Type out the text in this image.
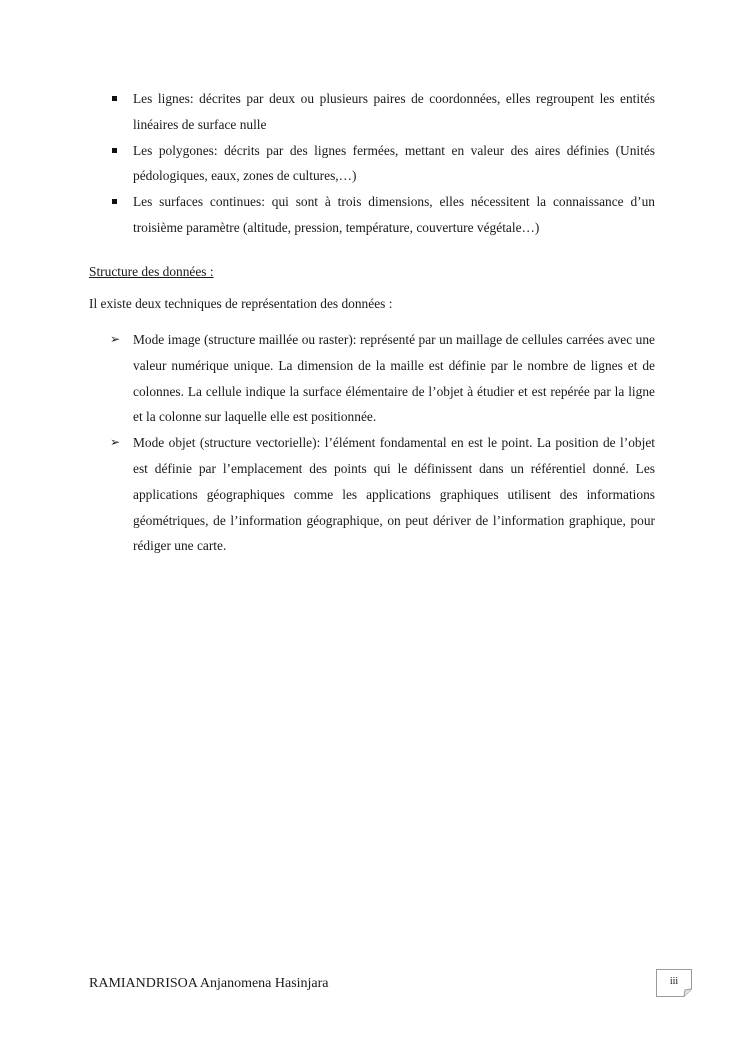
Les lignes: décrites par deux ou plusieurs paires de coordonnées, elles regroupent les entités linéaires de surface nulle
Les polygones: décrits par des lignes fermées, mettant en valeur des aires définies (Unités pédologiques, eaux, zones de cultures,…)
Les surfaces continues: qui sont à trois dimensions, elles nécessitent la connaissance d’un troisième paramètre (altitude, pression, température, couverture végétale…)

Structure des données :

Il existe deux techniques de représentation des données :

➢ Mode image (structure maillée ou raster): représenté par un maillage de cellules carrées avec une valeur numérique unique. La dimension de la maille est définie par le nombre de lignes et de colonnes. La cellule indique la surface élémentaire de l’objet à étudier et est repérée par la ligne et la colonne sur laquelle elle est positionnée.
➢ Mode objet (structure vectorielle): l’élément fondamental en est le point. La position de l’objet est définie par l’emplacement des points qui le définissent dans un référentiel donné. Les applications géographiques comme les applications graphiques utilisent des informations géométriques, de l’information géographique, on peut dériver de l’information graphique, pour rédiger une carte.

RAMIANDRISOA Anjanomena Hasinjara	iii
